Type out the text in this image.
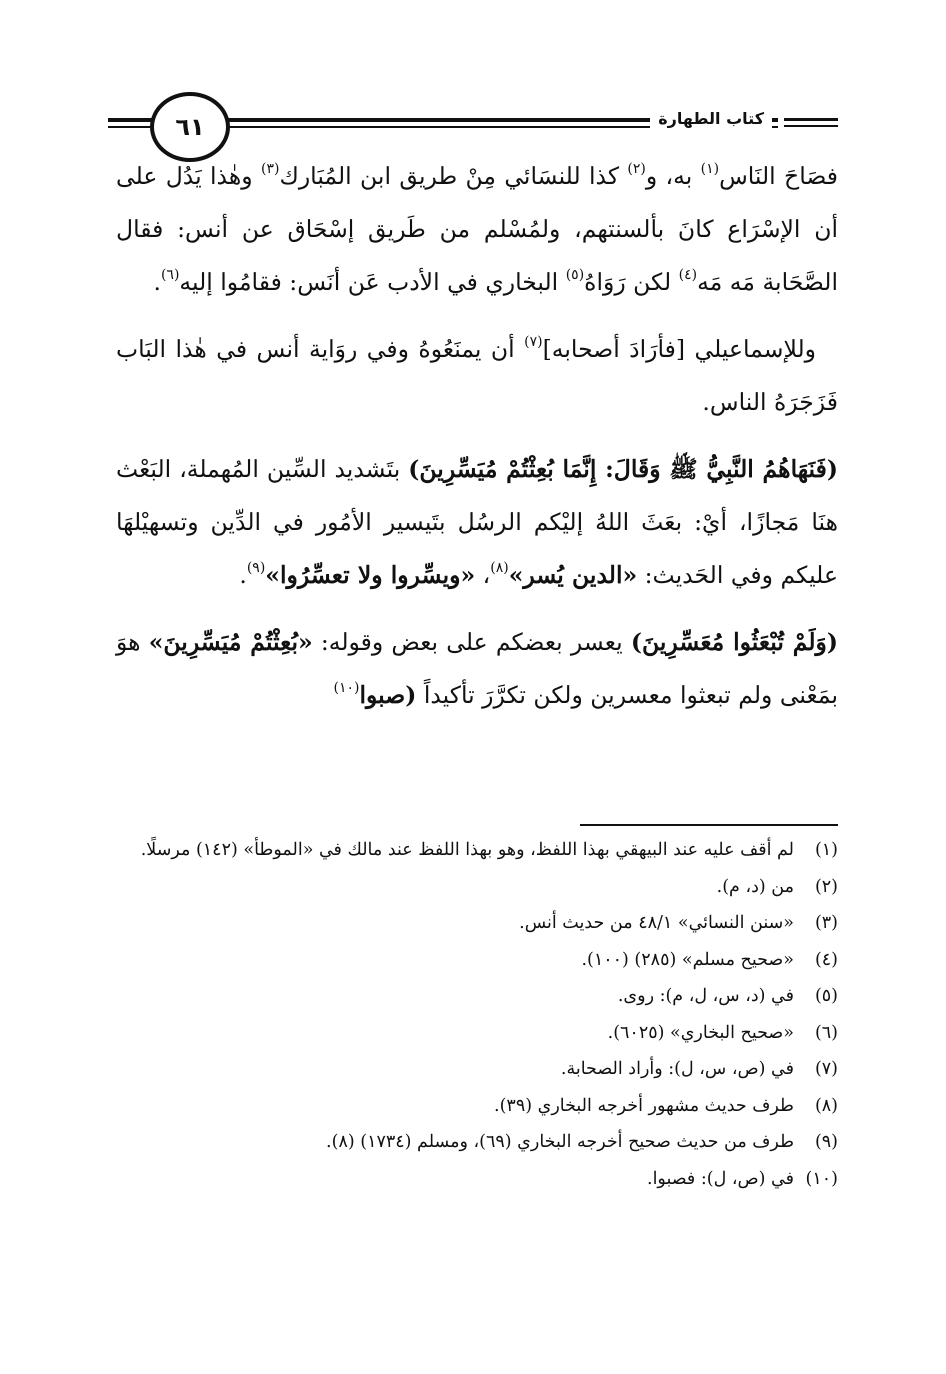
كتاب الطهارة
٦١

فصَاحَ النَاس$^{(١)}$ به، و$^{(٢)}$ كذا للنسَائي مِنْ طريق ابن المُبَارك$^{(٣)}$ وهٰذا يَدُل على أن الإسْرَاع كانَ بألسنتهم، ولمُسْلم من طَريق إسْحَاق عن أنس: فقال الصَّحَابة مَه مَه$^{(٤)}$ لكن رَوَاهُ$^{(٥)}$ البخاري في الأدب عَن أنَس: فقامُوا إليه$^{(٦)}$.

وللإسماعيلي [فأرَادَ أصحابه]$^{(٧)}$ أن يمنَعُوهُ وفي روَاية أنس في هٰذا البَاب فَزَجَرَهُ الناس.

(فَنَهَاهُمُ النَّبِيُّ ﷺ وَقَالَ: إِنَّمَا بُعِثْتُمْ مُيَسِّرِينَ) بتَشديد السِّين المُهملة، البَعْث هنَا مَجازًا، أيْ: بعَثَ اللهُ إليْكم الرسُل بتَيسير الأمُور في الدِّين وتسهيْلهَا عليكم وفي الحَديث: «الدين يُسر»$^{(٨)}$، «ويسِّروا ولا تعسِّرُوا»$^{(٩)}$.

(وَلَمْ تُبْعَثُوا مُعَسِّرِينَ) يعسر بعضكم على بعض وقوله: «بُعِثْتُمْ مُيَسِّرِينَ» هوَ بمَعْنى ولم تبعثوا معسرين ولكن تكرَّرَ تأكيداً (صبوا$^{(١٠)}$

(١)
لم أقف عليه عند البيهقي بهذا اللفظ، وهو بهذا اللفظ عند مالك في «الموطأ» (١٤٢) مرسلًا.
(٢)
من (د، م).
(٣)
«سنن النسائي» ٤٨/١ من حديث أنس.
(٤)
«صحيح مسلم» (٢٨٥) (١٠٠).
(٥)
في (د، س، ل، م): روى.
(٦)
«صحيح البخاري» (٦٠٢٥).
(٧)
في (ص، س، ل): وأراد الصحابة.
(٨)
طرف حديث مشهور أخرجه البخاري (٣٩).
(٩)
طرف من حديث صحيح أخرجه البخاري (٦٩)، ومسلم (١٧٣٤) (٨).
(١٠)
في (ص، ل): فصبوا.
